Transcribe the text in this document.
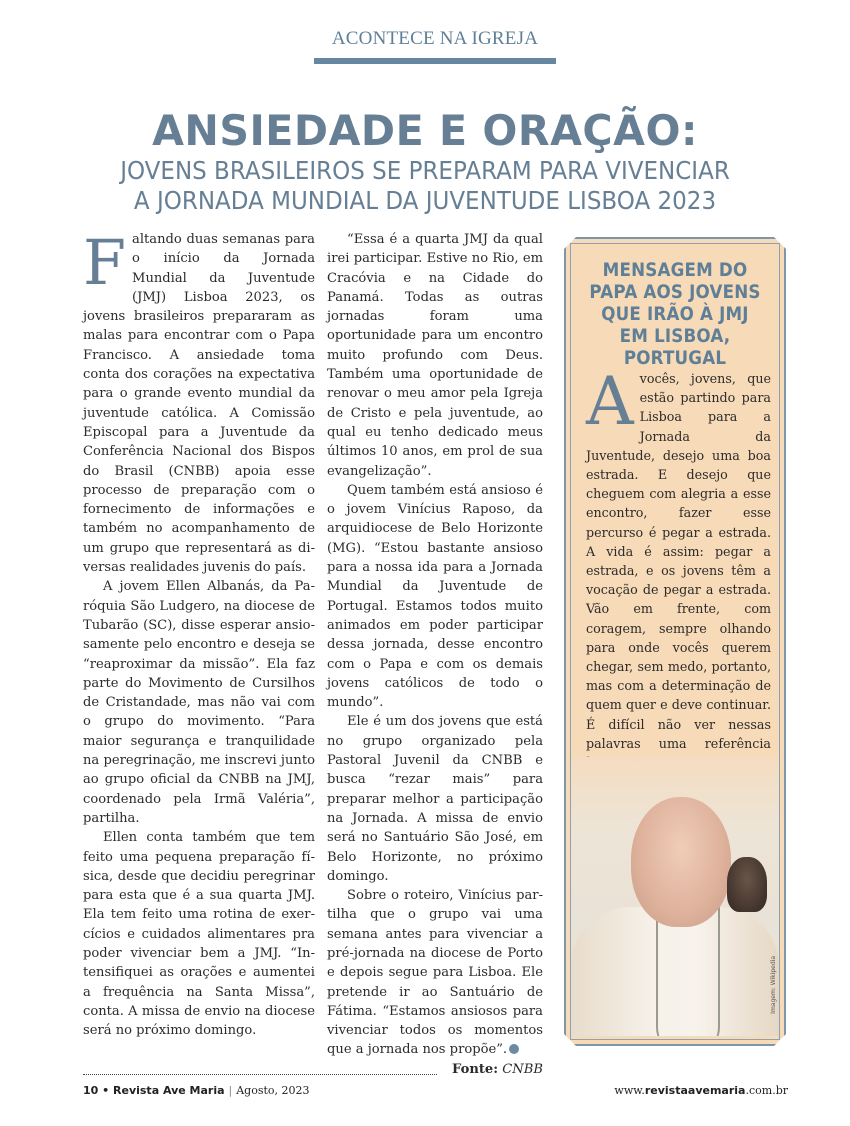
ACONTECE NA IGREJA
ANSIEDADE E ORAÇÃO:
JOVENS BRASILEIROS SE PREPARAM PARA VIVENCIAR
A JORNADA MUNDIAL DA JUVENTUDE LISBOA 2023

Faltando duas semanas para o início da Jornada Mundial da Juventude (JMJ) Lisboa 2023, os jovens brasileiros prepararam as malas para encontrar com o Papa Francisco. A ansiedade toma conta dos corações na expectativa para o grande evento mundial da juventude católica. A Comissão Episcopal para a Juventude da Conferência Nacional dos Bispos do Brasil (CNBB) apoia esse processo de preparação com o fornecimento de informações e também no acompanhamento de um grupo que representará as diversas realidades juvenis do país.

A jovem Ellen Albanás, da Paróquia São Ludgero, na diocese de Tubarão (SC), disse esperar ansiosamente pelo encontro e deseja se “reaproximar da missão”. Ela faz parte do Movimento de Cursilhos de Cristandade, mas não vai com o grupo do movimento. “Para maior segurança e tranquilidade na peregrinação, me inscrevi junto ao grupo oficial da CNBB na JMJ, coordenado pela Irmã Valéria”, partilha.

Ellen conta também que tem feito uma pequena preparação física, desde que decidiu peregrinar para esta que é a sua quarta JMJ. Ela tem feito uma rotina de exercícios e cuidados alimentares pra poder vivenciar bem a JMJ. “Intensifiquei as orações e aumentei a frequência na Santa Missa”, conta. A missa de envio na diocese será no próximo domingo.

“Essa é a quarta JMJ da qual irei participar. Estive no Rio, em Cracóvia e na Cidade do Panamá. Todas as outras jornadas foram uma oportunidade para um encontro muito profundo com Deus. Também uma oportunidade de renovar o meu amor pela Igreja de Cristo e pela juventude, ao qual eu tenho dedicado meus últimos 10 anos, em prol de sua evangelização”.

Quem também está ansioso é o jovem Vinícius Raposo, da arquidiocese de Belo Horizonte (MG). “Estou bastante ansioso para a nossa ida para a Jornada Mundial da Juventude de Portugal. Estamos todos muito animados em poder participar dessa jornada, desse encontro com o Papa e com os demais jovens católicos de todo o mundo”.

Ele é um dos jovens que está no grupo organizado pela Pastoral Juvenil da CNBB e busca “rezar mais” para preparar melhor a participação na Jornada. A missa de envio será no Santuário São José, em Belo Horizonte, no próximo domingo.

Sobre o roteiro, Vinícius partilha que o grupo vai uma semana antes para vivenciar a pré-jornada na diocese de Porto e depois segue para Lisboa. Ele pretende ir ao Santuário de Fátima. “Estamos ansiosos para vivenciar todos os momentos que a jornada nos propõe”.

Fonte: CNBB

MENSAGEM DO PAPA AOS JOVENS QUE IRÃO À JMJ EM LISBOA, PORTUGAL
Avocês, jovens, que estão partindo para Lisboa para a Jornada da Juventude, desejo uma boa estrada. E desejo que cheguem com alegria a esse encontro, fazer esse percurso é pegar a estrada. A vida é assim: pegar a estrada, e os jovens têm a vocação de pegar a estrada. Vão em frente, com coragem, sempre olhando para onde vocês querem chegar, sem medo, portanto, mas com a determinação de quem quer e deve continuar. É difícil não ver nessas palavras uma referência
Imagem: Wikipedia
10 • Revista Ave Maria | Agosto, 2023	www.revistaavemaria.com.br
